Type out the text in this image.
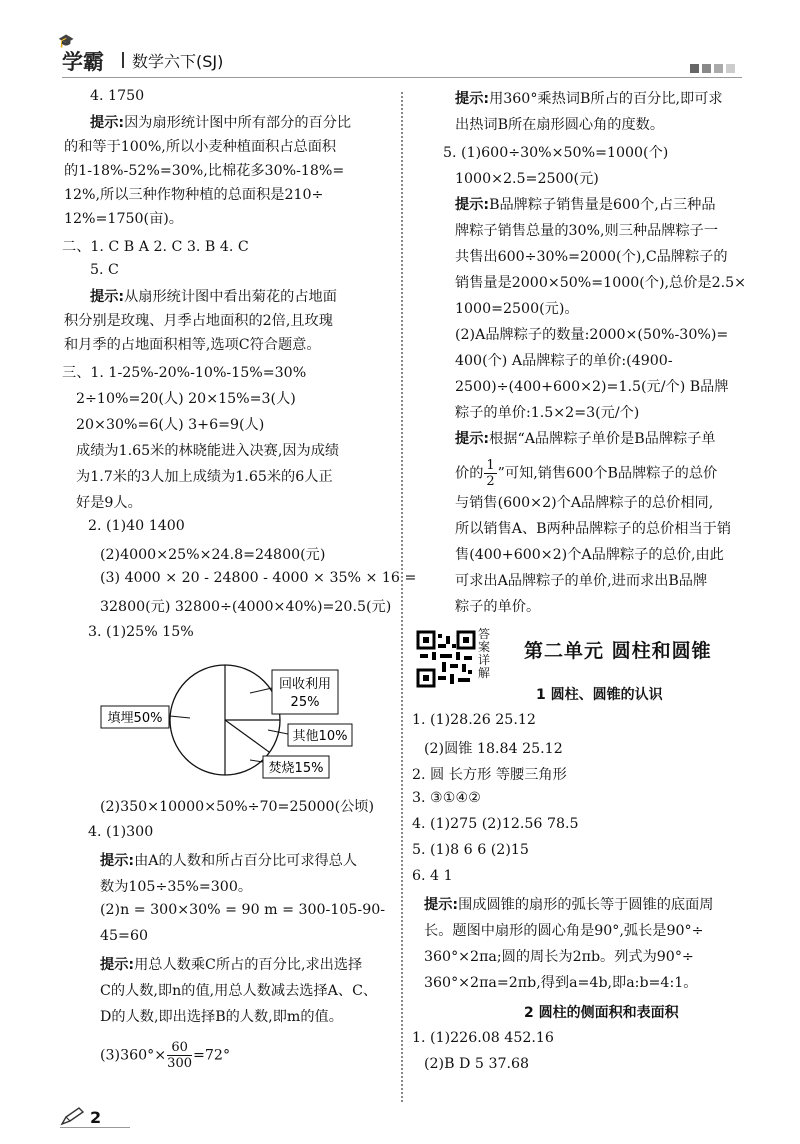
🎓
学霸 数学六下(SJ)
4. 1750
提示:因为扇形统计图中所有部分的百分比
的和等于100%,所以小麦种植面积占总面积
的1-18%-52%=30%,比棉花多30%-18%=
12%,所以三种作物种植的总面积是210÷
12%=1750(亩)。
二、1. C B A 2. C 3. B 4. C
5. C
提示:从扇形统计图中看出菊花的占地面
积分别是玫瑰、月季占地面积的2倍,且玫瑰
和月季的占地面积相等,选项C符合题意。
三、1. 1-25%-20%-10%-15%=30%
2÷10%=20(人) 20×15%=3(人)
20×30%=6(人) 3+6=9(人)
成绩为1.65米的林晓能进入决赛,因为成绩
为1.7米的3人加上成绩为1.65米的6人正
好是9人。
2. (1)40 1400
(2)4000×25%×24.8=24800(元)
(3) 4000 × 20 - 24800 - 4000 × 35% × 16 =
32800(元) 32800÷(4000×40%)=20.5(元)
3. (1)25% 15%
(2)350×10000×50%÷70=25000(公顷)
4. (1)300
提示:由A的人数和所占百分比可求得总人
数为105÷35%=300。
(2)n = 300×30% = 90 m = 300-105-90-
45=60
提示:用总人数乘C所占的百分比,求出选择
C的人数,即n的值,用总人数减去选择A、C、
D的人数,即出选择B的人数,即m的值。
$(3)360^\circ\times \frac{60}{300} =72^\circ$
回收利用
25%
填埋50%
其他10%
焚烧15%
提示:用360°乘热词B所占的百分比,即可求
出热词B所在扇形圆心角的度数。
5. (1)600÷30%×50%=1000(个)
1000×2.5=2500(元)
提示:B品牌粽子销售量是600个,占三种品
牌粽子销售总量的30%,则三种品牌粽子一
共售出600÷30%=2000(个),C品牌粽子的
销售量是2000×50%=1000(个),总价是2.5×
1000=2500(元)。
(2)A品牌粽子的数量:2000×(50%-30%)=
400(个) A品牌粽子的单价:(4900-
2500)÷(400+600×2)=1.5(元/个) B品牌
粽子的单价:1.5×2=3(元/个)
提示:根据“A品牌粽子单价是B品牌粽子单
价的 $\frac{1}{2}$ ”可知,销售600个B品牌粽子的总价
与销售(600×2)个A品牌粽子的总价相同,
所以销售A、B两种品牌粽子的总价相当于销
售(400+600×2)个A品牌粽子的总价,由此
可求出A品牌粽子的单价,进而求出B品牌
粽子的单价。
答案详解
第二单元 圆柱和圆锥
1 圆柱、圆锥的认识
1. (1)28.26 25.12
(2)圆锥 18.84 25.12
2. 圆 长方形 等腰三角形
3. ③①④②
4. (1)275 (2)12.56 78.5
5. (1)8 6 6 (2)15
6. 4 1
提示:围成圆锥的扇形的弧长等于圆锥的底面周
长。题图中扇形的圆心角是90°,弧长是90°÷
360°×2πa;圆的周长为2πb。列式为90°÷
360°×2πa=2πb,得到a=4b,即a:b=4:1。
2 圆柱的侧面积和表面积
1. (1)226.08 452.16
(2)B D 5 37.68
2
